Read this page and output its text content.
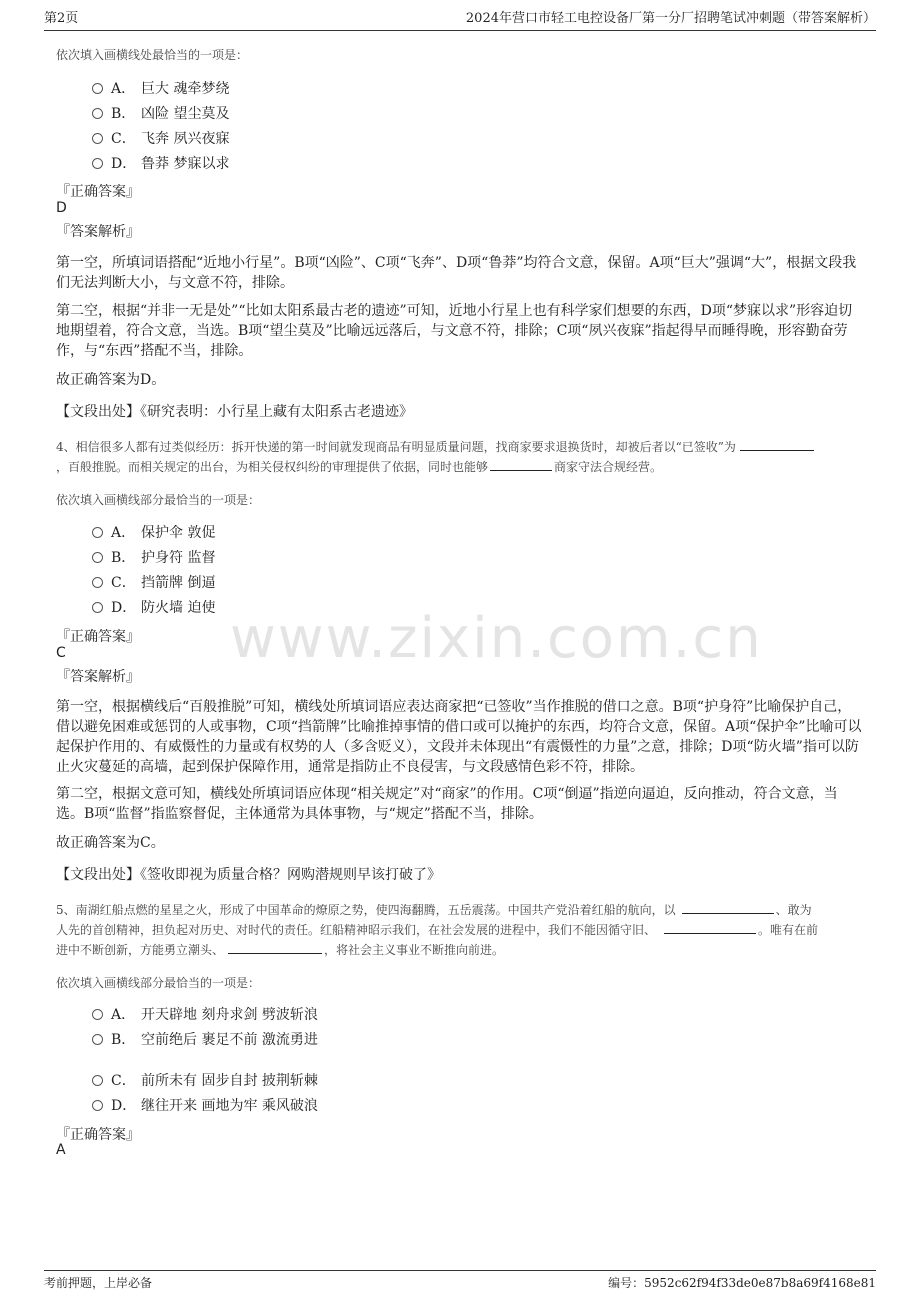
第2页	2024年营口市轻工电控设备厂第一分厂招聘笔试冲刺题（带答案解析）
www.zixin.com.cn
依次填入画横线处最恰当的一项是：
A． 巨大 魂牵梦绕
B． 凶险 望尘莫及
C． 飞奔 夙兴夜寐
D． 鲁莽 梦寐以求
『正确答案』
D
『答案解析』
第一空，所填词语搭配“近地小行星”。B项“凶险”、C项“飞奔”、D项“鲁莽”均符合文意，保留。A项“巨大”强调“大”，根据文段我们无法判断大小，与文意不符，排除。
第二空，根据“并非一无是处”“比如太阳系最古老的遗迹”可知，近地小行星上也有科学家们想要的东西，D项“梦寐以求”形容迫切地期望着，符合文意，当选。B项“望尘莫及”比喻远远落后，与文意不符，排除；C项“夙兴夜寐”指起得早而睡得晚，形容勤奋劳作，与“东西”搭配不当，排除。
故正确答案为D。
【文段出处】《研究表明：小行星上藏有太阳系古老遗迹》
4、相信很多人都有过类似经历：拆开快递的第一时间就发现商品有明显质量问题，找商家要求退换货时，却被后者以“已签收”为
，百般推脱。而相关规定的出台，为相关侵权纠纷的审理提供了依据，同时也能够	商家守法合规经营。
依次填入画横线部分最恰当的一项是：
A． 保护伞 敦促
B． 护身符 监督
C． 挡箭牌 倒逼
D． 防火墙 迫使
『正确答案』
C
『答案解析』
第一空，根据横线后“百般推脱”可知，横线处所填词语应表达商家把“已签收”当作推脱的借口之意。B项“护身符”比喻保护自己，借以避免困难或惩罚的人或事物，C项“挡箭牌”比喻推掉事情的借口或可以掩护的东西，均符合文意，保留。A项“保护伞”比喻可以起保护作用的、有威慑性的力量或有权势的人（多含贬义），文段并未体现出“有震慑性的力量”之意，排除；D项“防火墙”指可以防止火灾蔓延的高墙，起到保护保障作用，通常是指防止不良侵害，与文段感情色彩不符，排除。
第二空，根据文意可知，横线处所填词语应体现“相关规定”对“商家”的作用。C项“倒逼”指逆向逼迫，反向推动，符合文意，当选。B项“监督”指监察督促，主体通常为具体事物，与“规定”搭配不当，排除。
故正确答案为C。
【文段出处】《签收即视为质量合格？网购潜规则早该打破了》
5、南湖红船点燃的星星之火，形成了中国革命的燎原之势，使四海翻腾，五岳震荡。中国共产党沿着红船的航向，以	、敢为
人先的首创精神，担负起对历史、对时代的责任。红船精神昭示我们，在社会发展的进程中，我们不能因循守旧、	。唯有在前
进中不断创新，方能勇立潮头、	，将社会主义事业不断推向前进。
依次填入画横线部分最恰当的一项是：
A． 开天辟地 刻舟求剑 劈波斩浪
B． 空前绝后 裹足不前 激流勇进
C． 前所未有 固步自封 披荆斩棘
D． 继往开来 画地为牢 乘风破浪
『正确答案』
A
考前押题，上岸必备	编号：5952c62f94f33de0e87b8a69f4168e81
